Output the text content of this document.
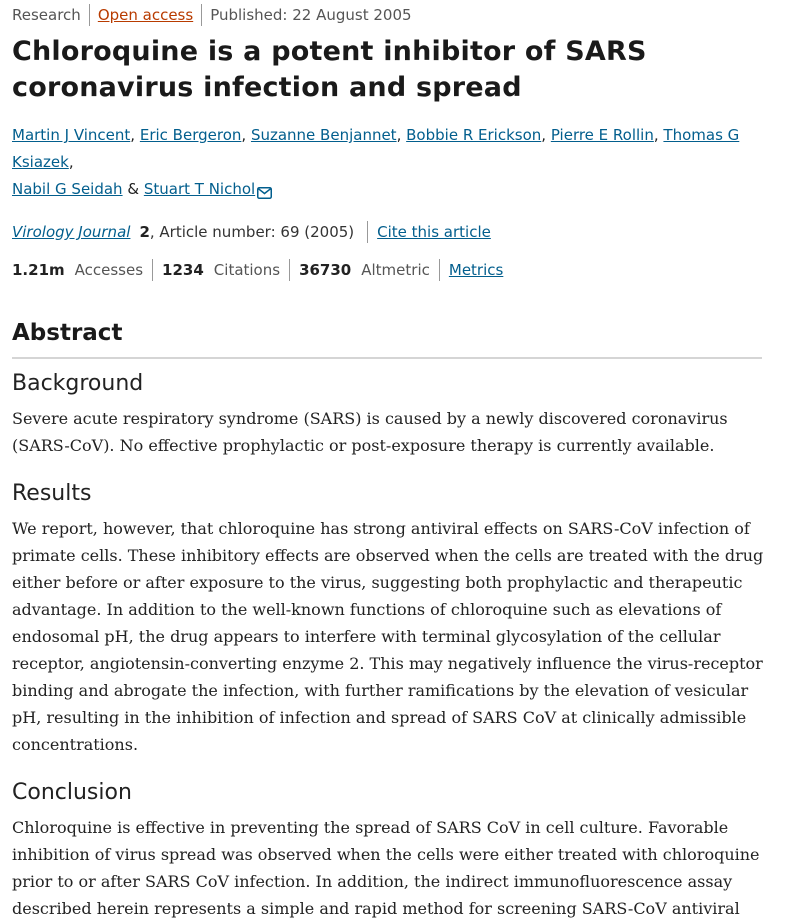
Research Open access Published: 22 August 2005
Chloroquine is a potent inhibitor of SARS coronavirus infection and spread
Martin J Vincent, Eric Bergeron, Suzanne Benjannet, Bobbie R Erickson, Pierre E Rollin, Thomas G Ksiazek,
Nabil G Seidah & Stuart T Nichol
Virology Journal 2 , Article number: 69 (2005) Cite this article
1.21m Accesses 1234 Citations 36730 Altmetric Metrics
Abstract
Background

Severe acute respiratory syndrome (SARS) is caused by a newly discovered coronavirus (SARS-CoV). No effective prophylactic or post-exposure therapy is currently available.

Results

We report, however, that chloroquine has strong antiviral effects on SARS-CoV infection of primate cells. These inhibitory effects are observed when the cells are treated with the drug either before or after exposure to the virus, suggesting both prophylactic and therapeutic advantage. In addition to the well-known functions of chloroquine such as elevations of endosomal pH, the drug appears to interfere with terminal glycosylation of the cellular receptor, angiotensin-converting enzyme 2. This may negatively influence the virus-receptor binding and abrogate the infection, with further ramifications by the elevation of vesicular pH, resulting in the inhibition of infection and spread of SARS CoV at clinically admissible concentrations.

Conclusion

Chloroquine is effective in preventing the spread of SARS CoV in cell culture. Favorable inhibition of virus spread was observed when the cells were either treated with chloroquine prior to or after SARS CoV infection. In addition, the indirect immunofluorescence assay described herein represents a simple and rapid method for screening SARS-CoV antiviral
